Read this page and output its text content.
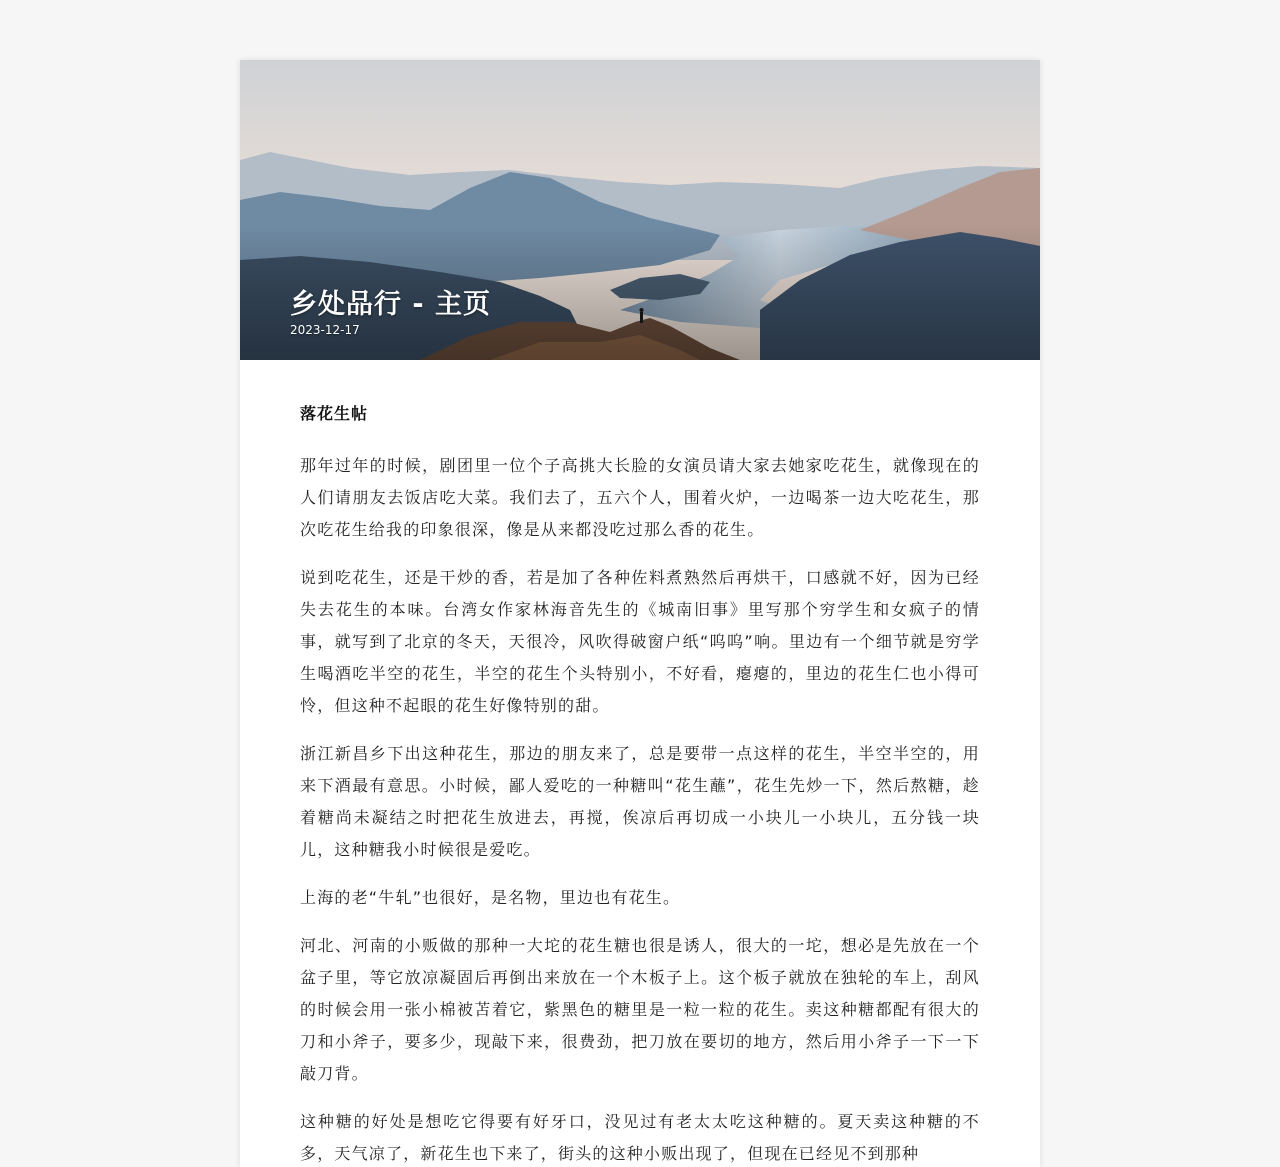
乡处品行 - 主页
2023-12-17
落花生帖

那年过年的时候，剧团里一位个子高挑大长脸的女演员请大家去她家吃花生，就像现在的人们请朋友去饭店吃大菜。我们去了，五六个人，围着火炉，一边喝茶一边大吃花生，那次吃花生给我的印象很深，像是从来都没吃过那么香的花生。

说到吃花生，还是干炒的香，若是加了各种佐料煮熟然后再烘干，口感就不好，因为已经失去花生的本味。台湾女作家林海音先生的《城南旧事》里写那个穷学生和女疯子的情事，就写到了北京的冬天，天很冷，风吹得破窗户纸“呜呜”响。里边有一个细节就是穷学生喝酒吃半空的花生，半空的花生个头特别小，不好看，瘪瘪的，里边的花生仁也小得可怜，但这种不起眼的花生好像特别的甜。

浙江新昌乡下出这种花生，那边的朋友来了，总是要带一点这样的花生，半空半空的，用来下酒最有意思。小时候，鄙人爱吃的一种糖叫“花生蘸”，花生先炒一下，然后熬糖，趁着糖尚未凝结之时把花生放进去，再搅，俟凉后再切成一小块儿一小块儿，五分钱一块儿，这种糖我小时候很是爱吃。

上海的老“牛轧”也很好，是名物，里边也有花生。

河北、河南的小贩做的那种一大坨的花生糖也很是诱人，很大的一坨，想必是先放在一个盆子里，等它放凉凝固后再倒出来放在一个木板子上。这个板子就放在独轮的车上，刮风的时候会用一张小棉被苫着它，紫黑色的糖里是一粒一粒的花生。卖这种糖都配有很大的刀和小斧子，要多少，现敲下来，很费劲，把刀放在要切的地方，然后用小斧子一下一下敲刀背。

这种糖的好处是想吃它得要有好牙口，没见过有老太太吃这种糖的。夏天卖这种糖的不多，天气凉了，新花生也下来了，街头的这种小贩出现了，但现在已经见不到那种
